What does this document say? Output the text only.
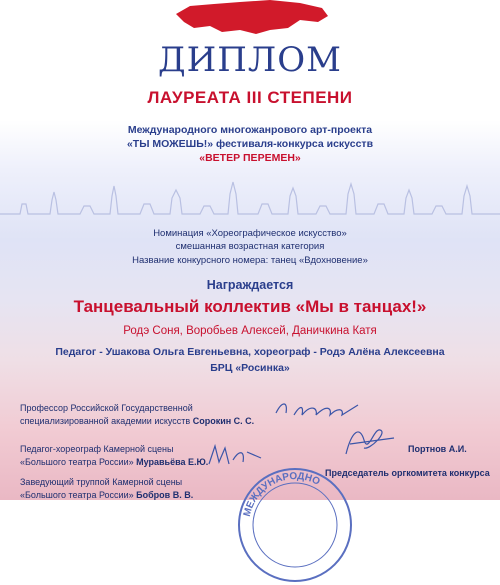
ДИПЛОМ
ЛАУРЕАТА III СТЕПЕНИ
Международного многожанрового арт-проекта
«ТЫ МОЖЕШЬ!» фестиваля-конкурса искусств
«ВЕТЕР ПЕРЕМЕН»
Номинация «Хореографическое искусство»
смешанная возрастная категория
Название конкурсного номера: танец «Вдохновение»
Награждается
Танцевальный коллектив «Мы в танцах!»
Родэ Соня, Воробьев Алексей, Даничкина Катя
Педагог - Ушакова Ольга Евгеньевна, хореограф - Родэ Алёна Алексеевна
БРЦ «Росинка»
Профессор Российской Государственной
специализированной академии искусств Сорокин С. С.
Педагог-хореограф Камерной сцены
«Большого театра России» Муравьёва Е.Ю.
Портнов А.И.
Председатель оргкомитета конкурса
Заведующий труппой Камерной сцены
«Большого театра России» Бобров В. В.
МЕЖДУНАРОДНО
